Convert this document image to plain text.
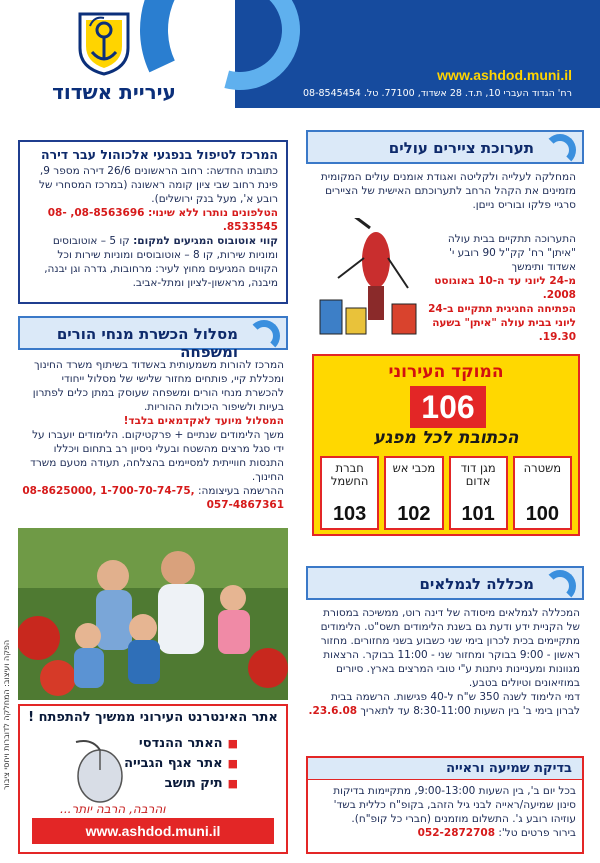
www.ashdod.muni.il
רח' הגדוד העברי 10, ת.ד. 28 אשדוד, 77100. טל. 08-8545454
עיריית אשדוד
המרכז לטיפול בנפגעי אלכוהול עבר דירה

כתובתו החדשה: רחוב הראשונים 26/6 דירה מספר 9, פינת רחוב שבי ציון קומה ראשונה (במרכז המסחרי של רובע א', מעל בנק ירושלים).

הטלפונים נותרו ללא שינוי: 08-8563696, 08-8533545.

קווי אוטובוס המגיעים למקום: קו 5 – אוטובוסים ומוניות שירות, קו 8 – אוטובוסים ומוניות שירות וכל הקווים המגיעים מחוץ לעיר: מרחובות, גדרה וגן יבנה, מיבנה, מראשון-לציון ומתל-אביב.

מסלול הכשרת מנחי הורים ומשפחה

המרכז להורות משמעותית באשדוד בשיתוף משרד החינוך ומכללת קיי, פותחים מחזור שלישי של מסלול ייחודי להכשרת מנחי הורים ומשפחה שעוסק במתן כלים לפתרון בעיות ולשיפור היכולות ההוריות.

המסלול מיועד לאקדמאים בלבד!

משך הלימודים שנתיים + פרקטיקום. הלימודים יועברו על ידי סגל מרצים מהשטח ובעלי ניסיון רב בתחום ויכללו התנסות חווייתית למסיימים בהצלחה, תעודה מטעם משרד החינוך.

ההרשמה בעיצומה: 08-8625000, 1-700-70-74-75, 057-4867361

אתר האינטרנט העירוני ממשיך להתפתח !
■ האתר ההנדסי
■ אתר אגף הגבייה
■ תיק תושב
והרבה, הרבה יותר...
www.ashdod.muni.il
תערוכת ציירים עולים

המחלקה לעלייה ולקליטה ואגודת אומנים עולים המקומית מזמינים את הקהל הרחב לתערוכתם האישית של הציירים סרגיי פלקו ובוריס נייםן.

התערוכה תתקיים בבית עולה "איתן" רח' קק"ל 90 רובע י' אשדוד ותימשך

מ-24 ליוני עד ה-10 באוגוסט 2008.

הפתיחה החגיגית תתקיים ב-24 ליוני בבית עולה "איתן" בשעה 19.30.

המוקד העירוני
106
הכתובת לכל מפגע
משטרה
100
מגן דוד אדום
101
מכבי אש
102
חברת החשמל
103
מכללה לגמלאים

המכללה לגמלאים מיסודה של דינה רוט, ממשיכה במסורת של הקניית ידע ודעת גם בשנת הלימודים תשס"ט. הלימודים מתקיימים בכית לכרון בימי שני כשבוע בשני מחזורים. מחזור ראשון - 9:00 בבוקר ומחזור שני - 11:00 בבוקר. הרצאות מגוונות ומעניינות ניתנות ע"י טובי המרצים בארץ. סיורים במוזיאונים וטיולים בטבע.

דמי הלימוד לשנה 350 ש"ח ל-40 פגישות. הרשמה בבית לברון בימי ב' בין השעות 8:30-11:00 עד לתאריך 23.6.08.

בדיקת שמיעה וראייה

בכל יום ב', בין השעות 9:00-13:00, מתקיימות בדיקות סינון שמיעה/ראייה לבני גיל הזהב, בקופ"ח כללית בשד' עוזיהו רובע ג'. התשלום מוזמנים (חברי כל קופ"ח).

בירור פרטים טל': 052-2872708

הפקה ועיצוב: המחלקה לדוברות ויחסי ציבור
